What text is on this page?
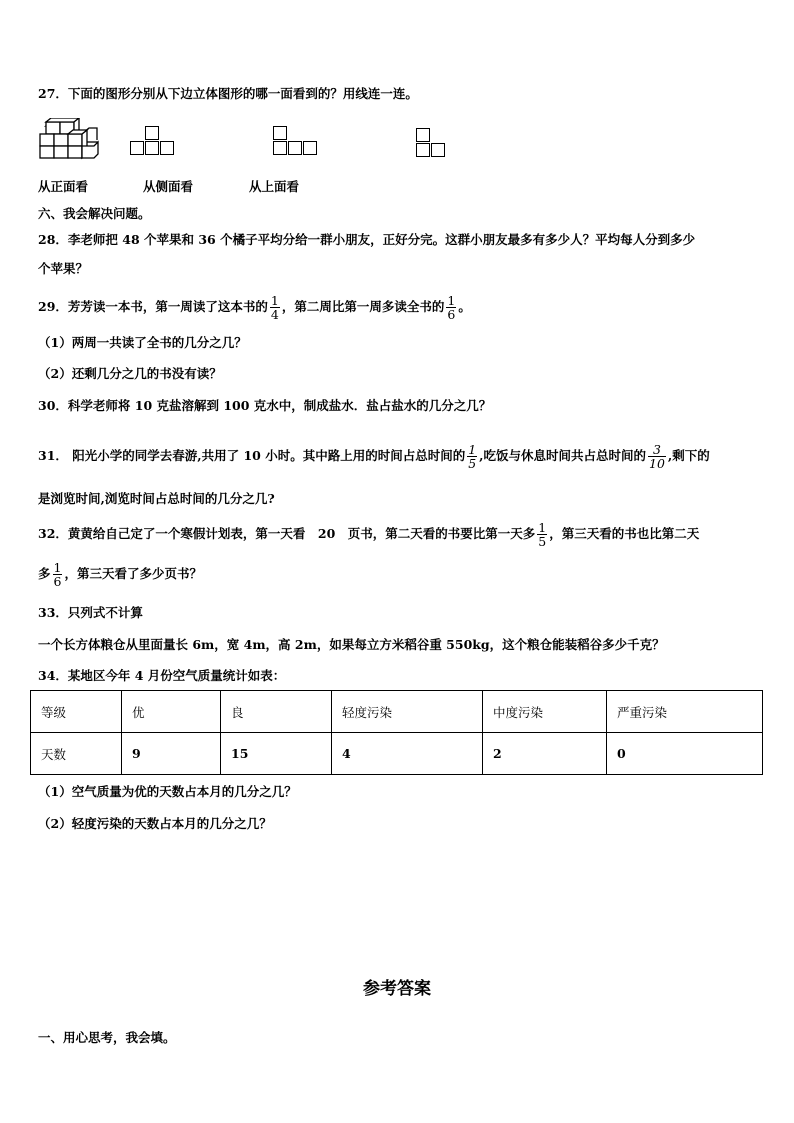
27．下面的图形分别从下边立体图形的哪一面看到的？用线连一连。
从正面看	从侧面看	从上面看
六、我会解决问题。
28．李老师把 48 个苹果和 36 个橘子平均分给一群小朋友，正好分完。这群小朋友最多有多少人？平均每人分到多少
个苹果？
29．芳芳读一本书，第一周读了这本书的 $\frac{1}{4}$ ，第二周比第一周多读全书的 $\frac{1}{6}$ 。
（1）两周一共读了全书的几分之几？
（2）还剩几分之几的书没有读？
30．科学老师将 10 克盐溶解到 100 克水中，制成盐水．盐占盐水的几分之几？
31． 阳光小学的同学去春游,共用了 10 小时。其中路上用的时间占总时间的 $\frac{1}{5}$ ,吃饭与休息时间共占总时间的 $\frac{3}{10}$ ,剩下的
是浏览时间,浏览时间占总时间的几分之几?
32．黄黄给自己定了一个寒假计划表，第一天看　20　页书，第二天看的书要比第一天多 $\frac{1}{5}$ ，第三天看的书也比第二天
多 $\frac{1}{6}$ ，第三天看了多少页书？
33．只列式不计算
一个长方体粮仓从里面量长 6m，宽 4m，高 2m，如果每立方米稻谷重 550kg，这个粮仓能装稻谷多少千克？
34．某地区今年 4 月份空气质量统计如表：
等级	优	良	轻度污染	中度污染	严重污染
天数	9	15	4	2	0
（1）空气质量为优的天数占本月的几分之几？
（2）轻度污染的天数占本月的几分之几？
参考答案
一、用心思考，我会填。
